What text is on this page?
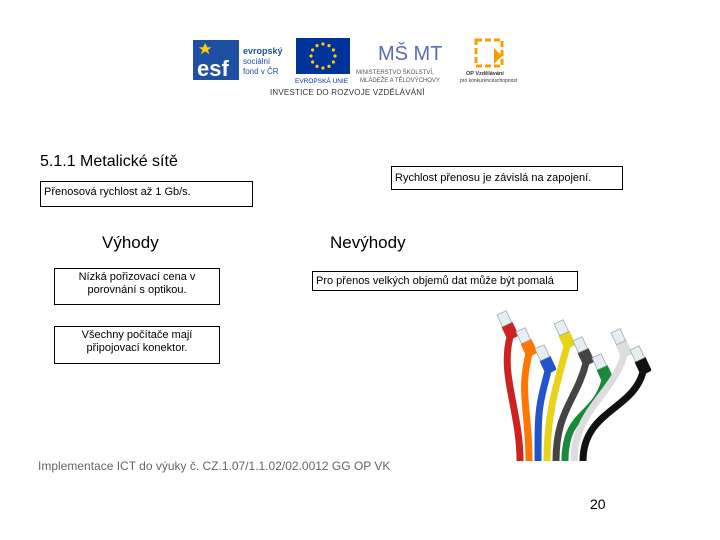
esf
evropský
sociální
fond v ČR
EVROPSKÁ UNIE
MŠ MT
MINISTERSTVO ŠKOLSTVÍ,
MLÁDEŽE A TĚLOVÝCHOVY
OP Vzdělávání
pro konkurenceschopnost
INVESTICE DO ROZVOJE VZDĚLÁVÁNÍ
5.1.1 Metalické sítě
Rychlost přenosu je závislá na zapojení.
Přenosová rychlost až 1 Gb/s.
Výhody	Nevýhody
Nízká pořizovací cena v porovnání s optikou.
Pro přenos velkých objemů dat může být pomalá
Všechny počítače mají připojovací konektor.
Implementace ICT do výuky č. CZ.1.07/1.1.02/02.0012 GG OP VK
20
